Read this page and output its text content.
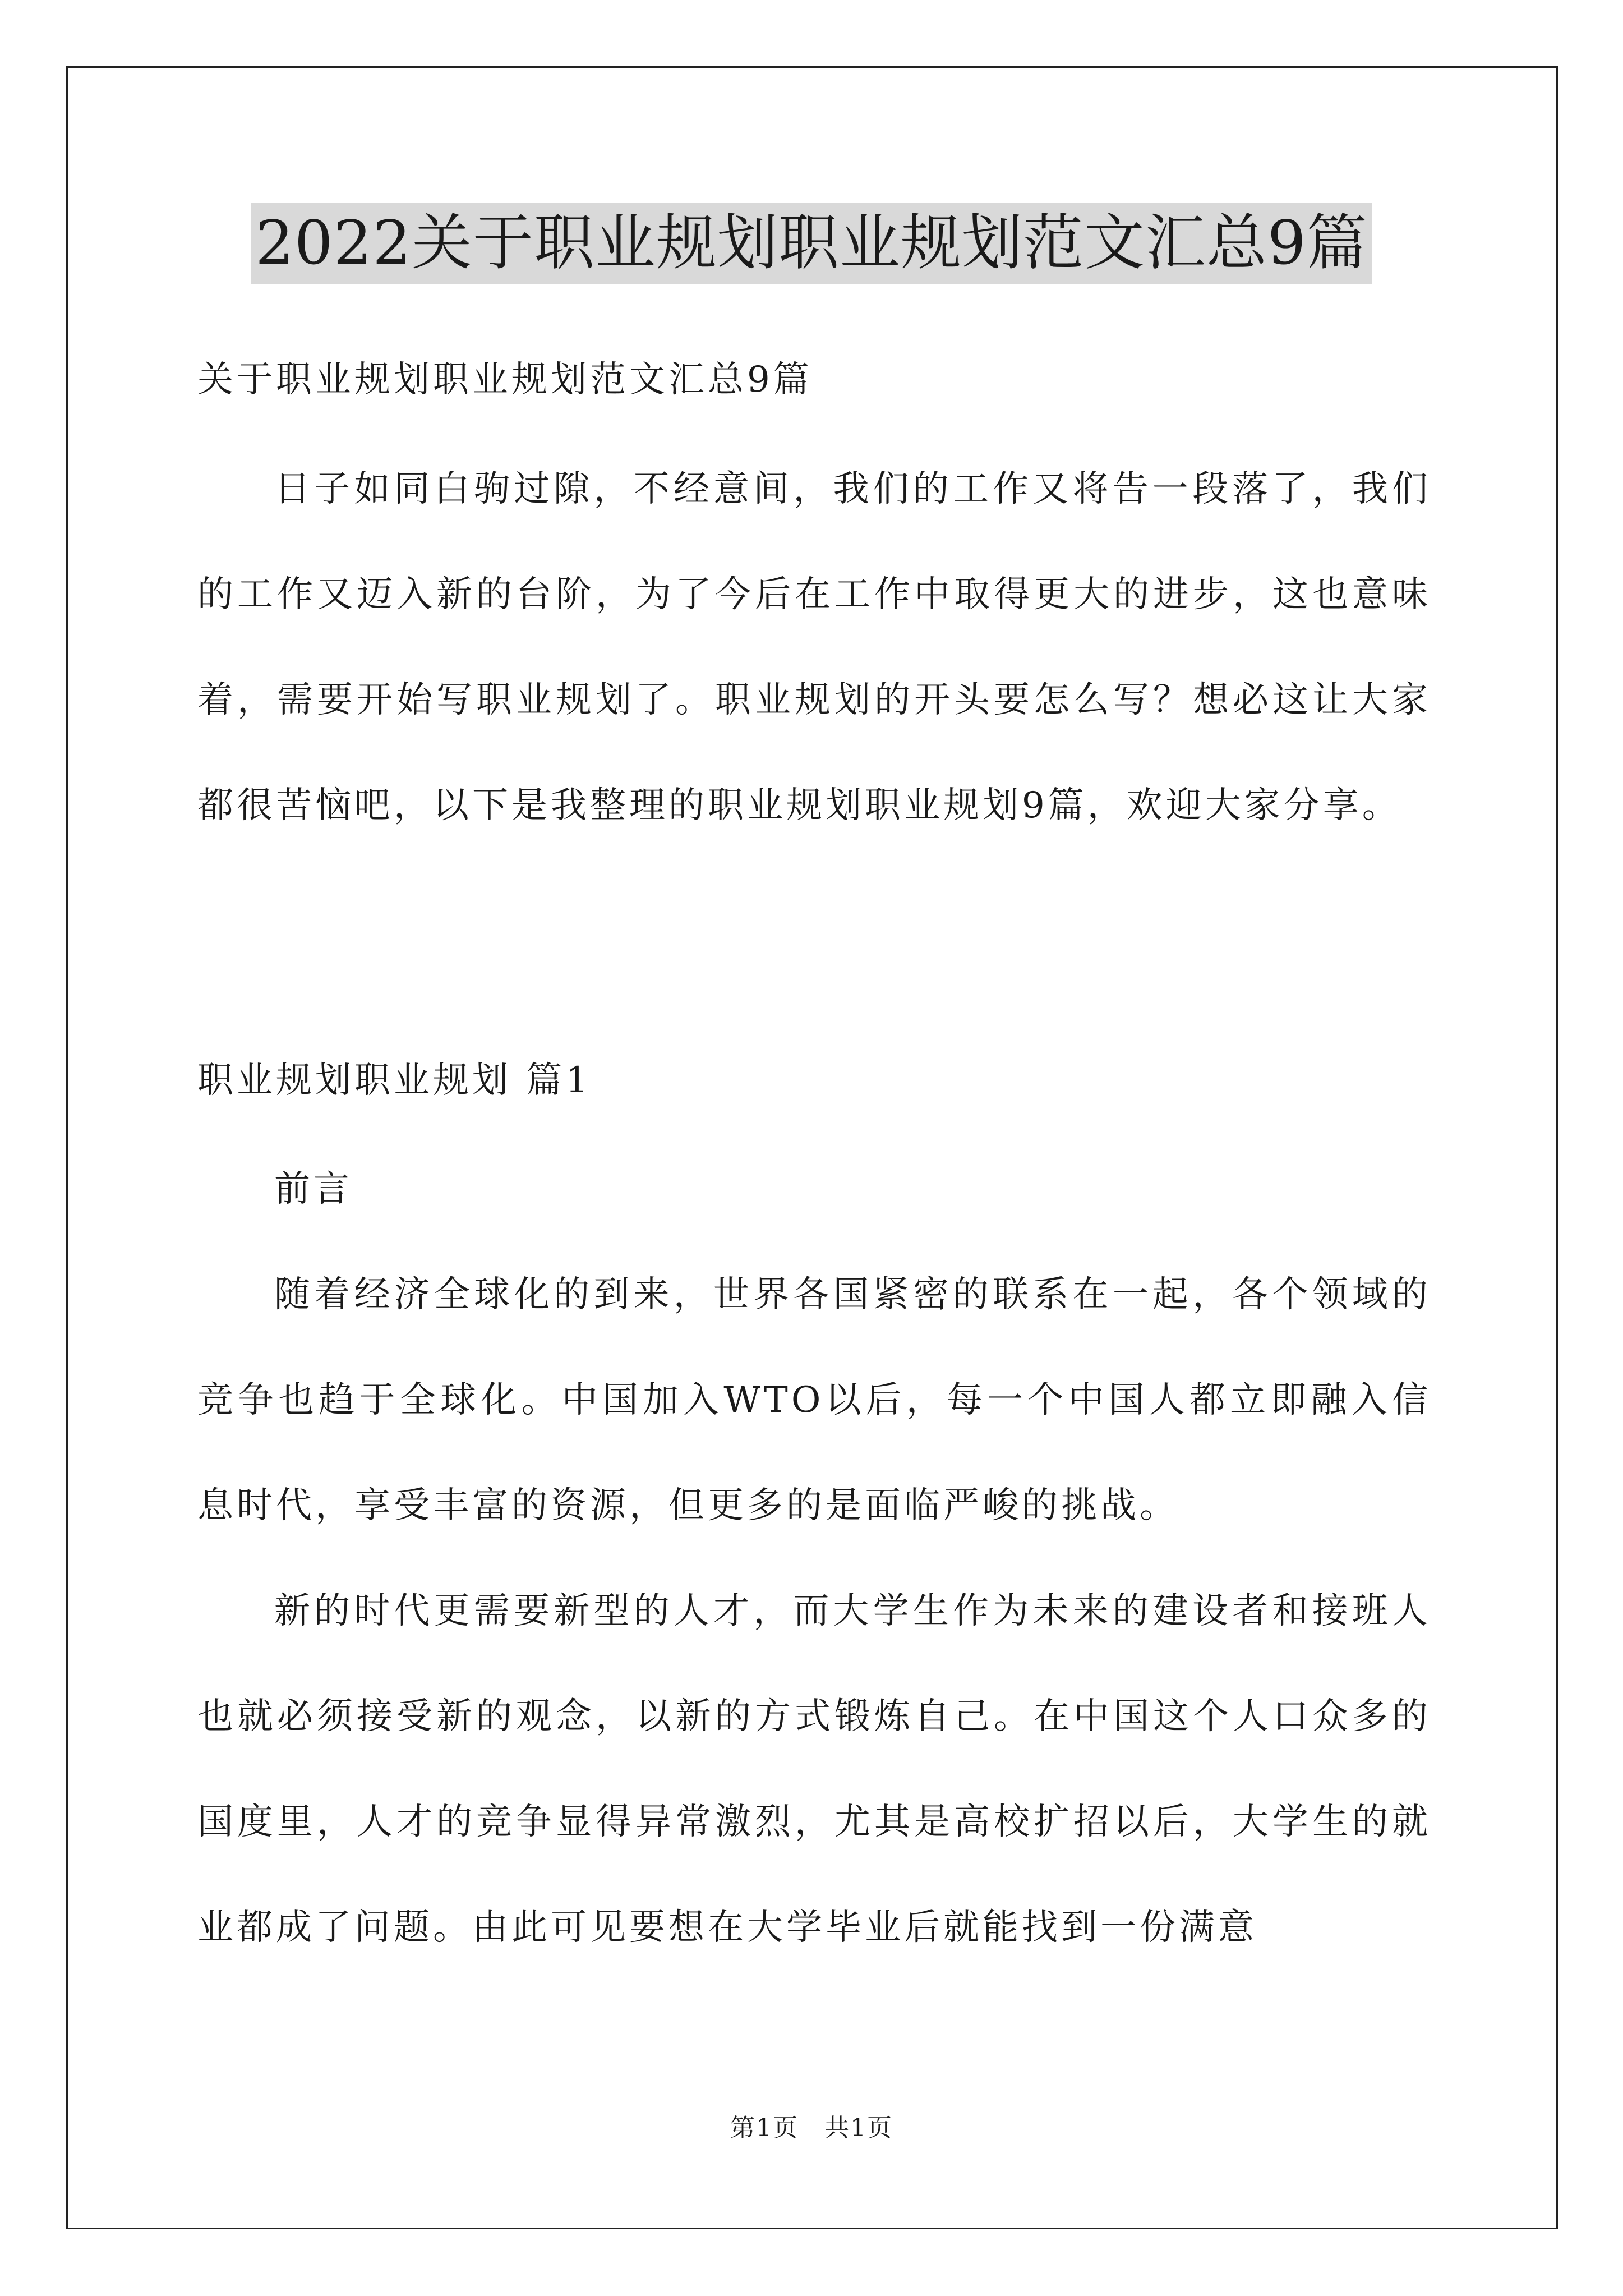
2022关于职业规划职业规划范文汇总9篇

关于职业规划职业规划范文汇总9篇

日子如同白驹过隙，不经意间，我们的工作又将告一段落了，我们的工作又迈入新的台阶，为了今后在工作中取得更大的进步，这也意味着，需要开始写职业规划了。职业规划的开头要怎么写？想必这让大家都很苦恼吧，以下是我整理的职业规划职业规划9篇，欢迎大家分享。

职业规划职业规划 篇1

前言

随着经济全球化的到来，世界各国紧密的联系在一起，各个领域的竞争也趋于全球化。中国加入WTO以后，每一个中国人都立即融入信息时代，享受丰富的资源，但更多的是面临严峻的挑战。

新的时代更需要新型的人才，而大学生作为未来的建设者和接班人也就必须接受新的观念，以新的方式锻炼自己。在中国这个人口众多的国度里，人才的竞争显得异常激烈，尤其是高校扩招以后，大学生的就业都成了问题。由此可见要想在大学毕业后就能找到一份满意

第1页　共1页
